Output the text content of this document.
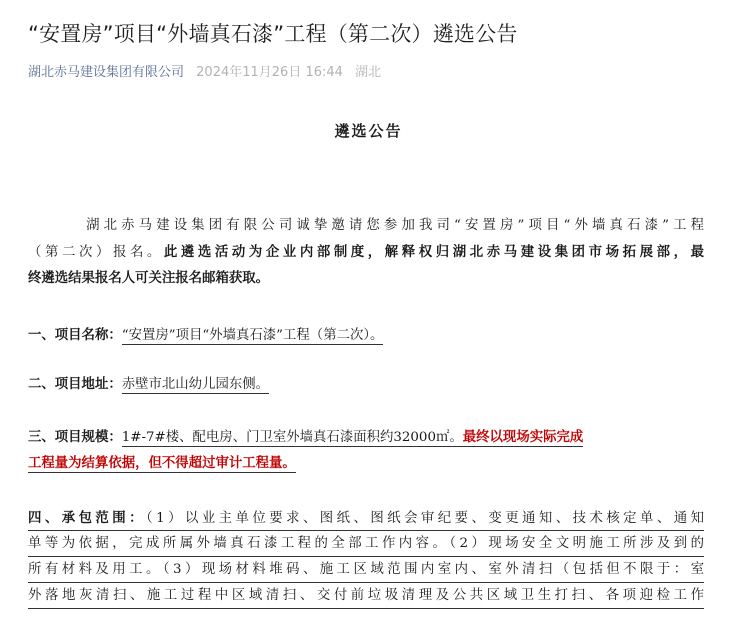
“安置房”项目“外墙真石漆”工程（第二次）遴选公告
湖北赤马建设集团有限公司 2024年11月26日 16:44 湖北
遴选公告
湖北赤马建设集团有限公司诚挚邀请您参加我司“安置房”项目“外墙真石漆”工程
（第二次）报名。此遴选活动为企业内部制度，解释权归湖北赤马建设集团市场拓展部，最
终遴选结果报名人可关注报名邮箱获取。
一、项目名称：“安置房”项目“外墙真石漆”工程（第二次）。
二、项目地址：赤壁市北山幼儿园东侧。
三、项目规模：1#-7#楼、配电房、门卫室外墙真石漆面积约32000㎡。最终以现场实际完成
工程量为结算依据，但不得超过审计工程量。
四、承包范围：（1）以业主单位要求、图纸、图纸会审纪要、变更通知、技术核定单、通知
单等为依据，完成所属外墙真石漆工程的全部工作内容。（2）现场安全文明施工所涉及到的
所有材料及用工。（3）现场材料堆码、施工区域范围内室内、室外清扫（包括但不限于：室
外落地灰清扫、施工过程中区域清扫、交付前垃圾清理及公共区域卫生打扫、各项迎检工作
